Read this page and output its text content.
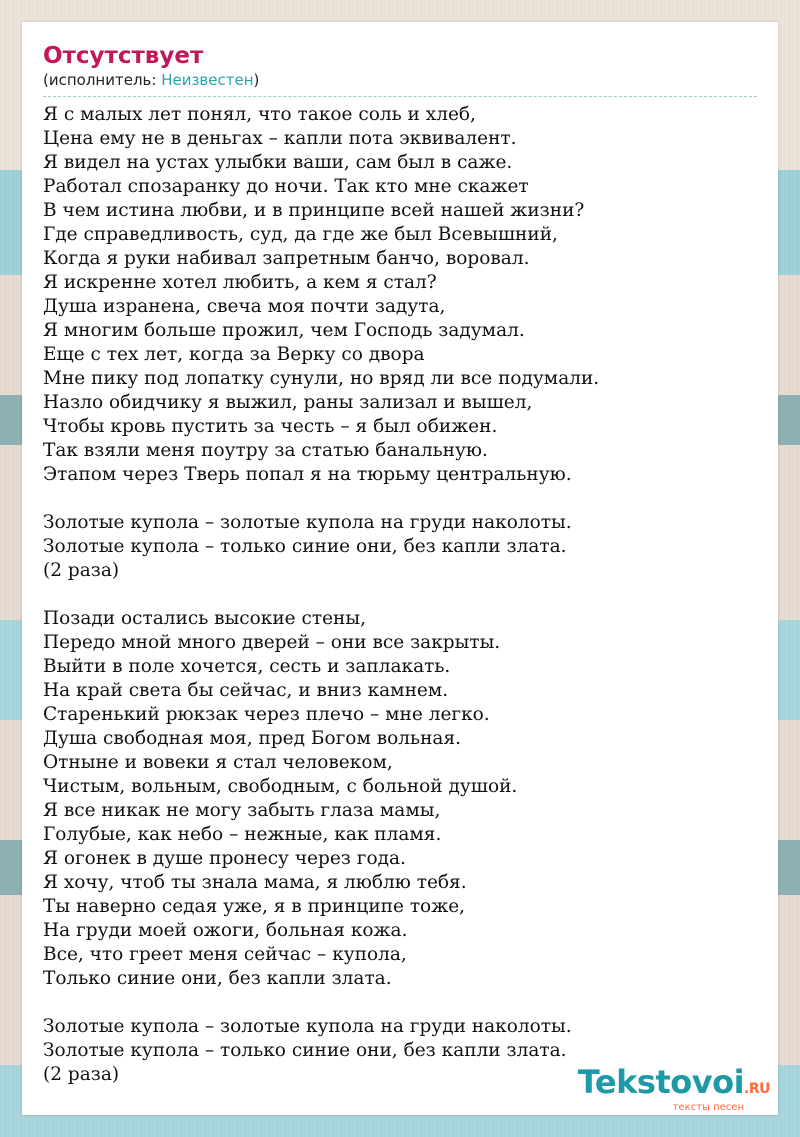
Отсутствует
(исполнитель: Неизвестен)
Я с малых лет понял, что такое соль и хлеб,
Цена ему не в деньгах – капли пота эквивалент.
Я видел на устах улыбки ваши, сам был в саже.
Работал спозаранку до ночи. Так кто мне скажет
В чем истина любви, и в принципе всей нашей жизни?
Где справедливость, суд, да где же был Всевышний,
Когда я руки набивал запретным банчо, воровал.
Я искренне хотел любить, а кем я стал?
Душа изранена, свеча моя почти задута,
Я многим больше прожил, чем Господь задумал.
Еще с тех лет, когда за Верку со двора
Мне пику под лопатку сунули, но вряд ли все подумали.
Назло обидчику я выжил, раны зализал и вышел,
Чтобы кровь пустить за честь – я был обижен.
Так взяли меня поутру за статью банальную.
Этапом через Тверь попал я на тюрьму центральную.
Золотые купола – золотые купола на груди наколоты.
Золотые купола – только синие они, без капли злата.
(2 раза)
Позади остались высокие стены,
Передо мной много дверей – они все закрыты.
Выйти в поле хочется, сесть и заплакать.
На край света бы сейчас, и вниз камнем.
Старенький рюкзак через плечо – мне легко.
Душа свободная моя, пред Богом вольная.
Отныне и вовеки я стал человеком,
Чистым, вольным, свободным, с больной душой.
Я все никак не могу забыть глаза мамы,
Голубые, как небо – нежные, как пламя.
Я огонек в душе пронесу через года.
Я хочу, чтоб ты знала мама, я люблю тебя.
Ты наверно седая уже, я в принципе тоже,
На груди моей ожоги, больная кожа.
Все, что греет меня сейчас – купола,
Только синие они, без капли злата.
Золотые купола – золотые купола на груди наколоты.
Золотые купола – только синие они, без капли злата.
(2 раза)	Tekstovoi.RU
тексты песен
